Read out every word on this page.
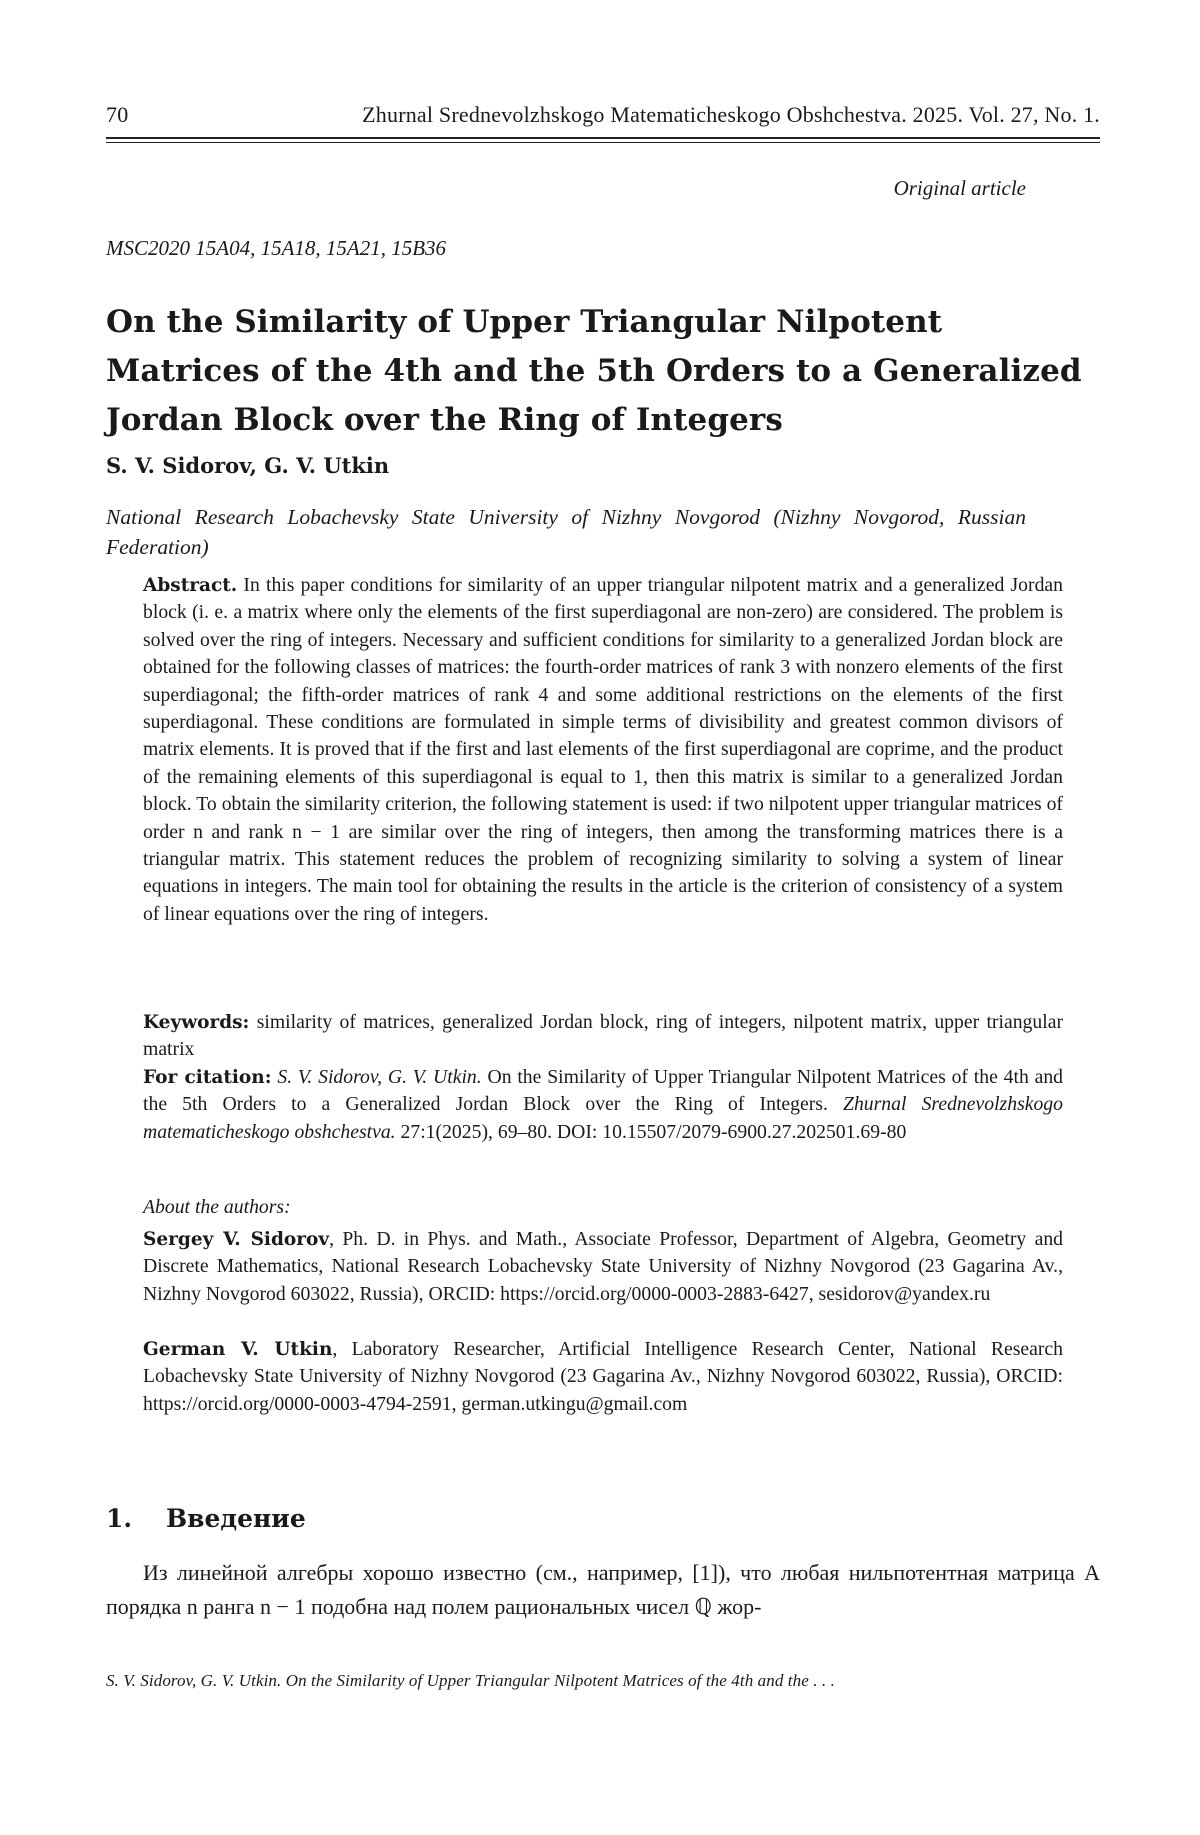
70	Zhurnal Srednevolzhskogo Matematicheskogo Obshchestva. 2025. Vol. 27, No. 1.
Original article
MSC2020 15A04, 15A18, 15A21, 15B36
On the Similarity of Upper Triangular Nilpotent Matrices of the 4th and the 5th Orders to a Generalized Jordan Block over the Ring of Integers
S. V. Sidorov, G. V. Utkin

National Research Lobachevsky State University of Nizhny Novgorod (Nizhny Novgorod, Russian Federation)

Abstract. In this paper conditions for similarity of an upper triangular nilpotent matrix and a generalized Jordan block (i. e. a matrix where only the elements of the first superdiagonal are non-zero) are considered. The problem is solved over the ring of integers. Necessary and sufficient conditions for similarity to a generalized Jordan block are obtained for the following classes of matrices: the fourth-order matrices of rank 3 with nonzero elements of the first superdiagonal; the fifth-order matrices of rank 4 and some additional restrictions on the elements of the first superdiagonal. These conditions are formulated in simple terms of divisibility and greatest common divisors of matrix elements. It is proved that if the first and last elements of the first superdiagonal are coprime, and the product of the remaining elements of this superdiagonal is equal to 1, then this matrix is similar to a generalized Jordan block. To obtain the similarity criterion, the following statement is used: if two nilpotent upper triangular matrices of order n and rank n − 1 are similar over the ring of integers, then among the transforming matrices there is a triangular matrix. This statement reduces the problem of recognizing similarity to solving a system of linear equations in integers. The main tool for obtaining the results in the article is the criterion of consistency of a system of linear equations over the ring of integers.

Keywords: similarity of matrices, generalized Jordan block, ring of integers, nilpotent matrix, upper triangular matrix

For citation: S. V. Sidorov, G. V. Utkin. On the Similarity of Upper Triangular Nilpotent Matrices of the 4th and the 5th Orders to a Generalized Jordan Block over the Ring of Integers. Zhurnal Srednevolzhskogo matematicheskogo obshchestva. 27:1(2025), 69–80. DOI: 10.15507/2079-6900.27.202501.69-80

About the authors:

Sergey V. Sidorov, Ph. D. in Phys. and Math., Associate Professor, Department of Algebra, Geometry and Discrete Mathematics, National Research Lobachevsky State University of Nizhny Novgorod (23 Gagarina Av., Nizhny Novgorod 603022, Russia), ORCID: https://orcid.org/0000-0003-2883-6427, sesidorov@yandex.ru

German V. Utkin, Laboratory Researcher, Artificial Intelligence Research Center, National Research Lobachevsky State University of Nizhny Novgorod (23 Gagarina Av., Nizhny Novgorod 603022, Russia), ORCID: https://orcid.org/0000-0003-4794-2591, german.utkingu@gmail.com

1. Введение

Из линейной алгебры хорошо известно (см., например, [1]), что любая нильпотентная матрица A порядка n ранга n − 1 подобна над полем рациональных чисел ℚ жор-

S. V. Sidorov, G. V. Utkin. On the Similarity of Upper Triangular Nilpotent Matrices of the 4th and the . . .
